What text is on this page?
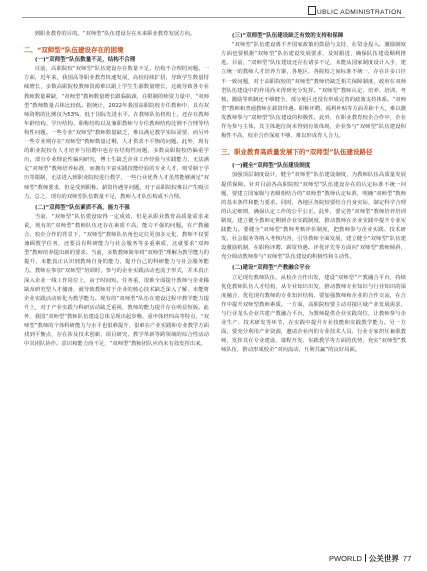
UBLIC ADMINISTRATION

到职业教育的目的。“双师型”队伍建设存在未来职业教育发展方向。

二、“双师型”队伍建设存在的困境
(一)“双师型”队伍数量不足，结构不合理

目前，高职院校“双师型”队伍建设存在数量不足、结构不合理的问题。一方面，近年来，我国高等职业教育快速发展，高校持续扩招，导致学生数量持续增长，多数高职院校教师资源难以跟上学生生源数量增长，这就导致各专业教师数量紧缺，“双师型”教师数量增长跟临瓶颈，在限制的师资力量中，“双师型”教师数量占体比较低。据统计，2022年我国高职院校专任教师中，具有双师资格的比例仅为53%，低于国际先进水平。在教师队伍机构上，还存在教师年龄结构、学历结构、职称结构以及兼职教师与专任教师结构比例不合理等结构性问题。一些专业“双师型”教师数量缺乏，难以满足教学实际需要，而另外一些专业则存在“双师型”教师数量过剩，人才供求不平衡的问题。此外，现有的职业院校在人才培养与招聘中也存在结构性问题，多数高职院校仍偏重学历，部分专业理论性偏向研究，博士生缺乏企业工作经验与实践能力，无法满足“双师型”教师培养标准，而拥有丰富实践技能经验的专业人才，则受制于学历等限制，无法进入到职业院校进行教学，一些行业优秀人才虽然能够满足“双师型”教师要求，但是受到职称、薪资待遇等问题，对于高职院校难以产生吸引力。总之，现有的双师型队伍数量不足，教师人才队伍构成不合理。

(二)“双师型”队伍素质不高，能力不强

当前，“双师型”队伍建设取得一定成效，但是从职业教育高质量需求来说，现有的“双师型”教师队伍还存在素质不高、能力不强的问题。在产教融合、校企合作的背景下，“双师型”教师队伍角色定位更加多元化，教师不仅要兼顾教学任务，还要具有科研能力与社会服务等多重素质，这就要求“双师型”教师培养提出新的要求。当前，多数教师简单将“双师型”理解为教学能力的提升，未能真正认识到教师自身的能力，提升自己的科研能力与社会服务能力。教师在参加“双师型”培训时，参与的企业实践活动也流于形式，并未真正深入企业一线工作岗位上，由于时间短、任务重，很难全面提升教师与企业稀缺及研究型人才储备，就导致教师对于企业的核心技术缺乏深入了解，未能将企业实践活动转化为教学能力。现有的“双师型”队伍在建设过程中教学能力提升上，对于产业实践与科研活动缺乏重视，教师的能力提升存在明显短板。此外，我国“双师型”教师队伍建设总体呈现出起步晚、重申体轻四高等特点，“双师型”教师的个体科研能力与水平也很难提升，很难在产业实践和专业教学方面找到平衡点，存在涉及技术创新、项目研究、教学革新等跨领域的综合性活动中其团队协作、意识和能力尚不足，“双师型”教师团队应尚未有效发挥出来。

(三)“双师型”队伍建设缺乏有效的支持和保障

“双师型”队伍建设离不开国家政策的鼓励与支持，在资金投入、激励制度方面也要根据“双师型”队伍建设发展要求，及时跟进，确保队伍建设顺利推进。目前，“双师型”队伍建设还存在诸多不足，未能从国家制度设计入手，建立统一的教师人才培养方案，各地区、各院校之间标准不统一，存在许多口径不一致问题，对于高职院校的“双师型”教师仍缺乏相关保障制度，政府在双师型队伍建设中的作用尚未得到充分发挥。“双师型”教师认定、培养、培训、考核、激励等机制还不够健全，部分地区还没有形成完善的政策支持体系。“双师型”教师和普通教师在薪资待遇、职称评聘、福利补贴等方面差距不大，难以激发教师参与“双师型”队伍建设的积极性。此外，在职业教育校企合作中，企业作为参与主体，其主体地位尚未得到有效体现，企业参与“双师型”队伍建设积极性不高，校企合作深度不够，难以形成育人合力。

三、职业教育高质量发展下的“双师型”队伍建设路径
(一)健全“双师型”队伍建设制度

加强顶层制度设计，健全“双师型”队伍建设制度，为教师队伍高质量发展提供保障。针对目前各高职院校“双师型”队伍建设存在的认定标准不统一问题，要建立国家级与省级相结合的“双师型”教师认定标准，明确“双师型”教师的基本条件和能力要求。同时，各地区各院校要结合自身实际，制定科学合理的认定细则，确保认定工作的公平公正。此外，要完善“双师型”教师培养培训制度，建立健全教师定期到企业实践制度，推动教师在企业实践中提升专业实践能力。要健全“双师型”教师考核评价制度，把教师参与企业实践、技术研发、社会服务等纳入考核内容，引导教师全面发展，建立健全“双师型”队伍建设激励机制，在职称评聘、薪资待遇、评优评先等方面向“双师型”教师倾斜，充分调动教师参与“双师型”队伍建设的积极性和主动性。

(二)建设“双师型”产教融合平台

立足现有教师队伍，从校企合作出发，建设“双师型”产教融合平台，持续优化教师队伍人才结构，从专业知识出发，推动教师专业知识与行业知识的深度融合，优化现有教师的专业知识结构，要加强教师和企业的合作交流，在合作中提升双师型教师素质。一方面，高职院校要主动对接区域产业发展需求，与行业龙头企业共建产教融合平台，为教师提供企业实践岗位，让教师参与企业生产、技术研发等环节，在实践中提升专业技能和实践教学能力。另一方面，要充分利用产业资源，邀请企业内的专业技术人员、行业专家担任兼职教师，发挥其在专业建设、课程开发、实践教学等方面的优势，充实“双师型”教师队伍，推动形成校企“双向流动、互利共赢”的良好局面。

PWORLD 公关世界 77
